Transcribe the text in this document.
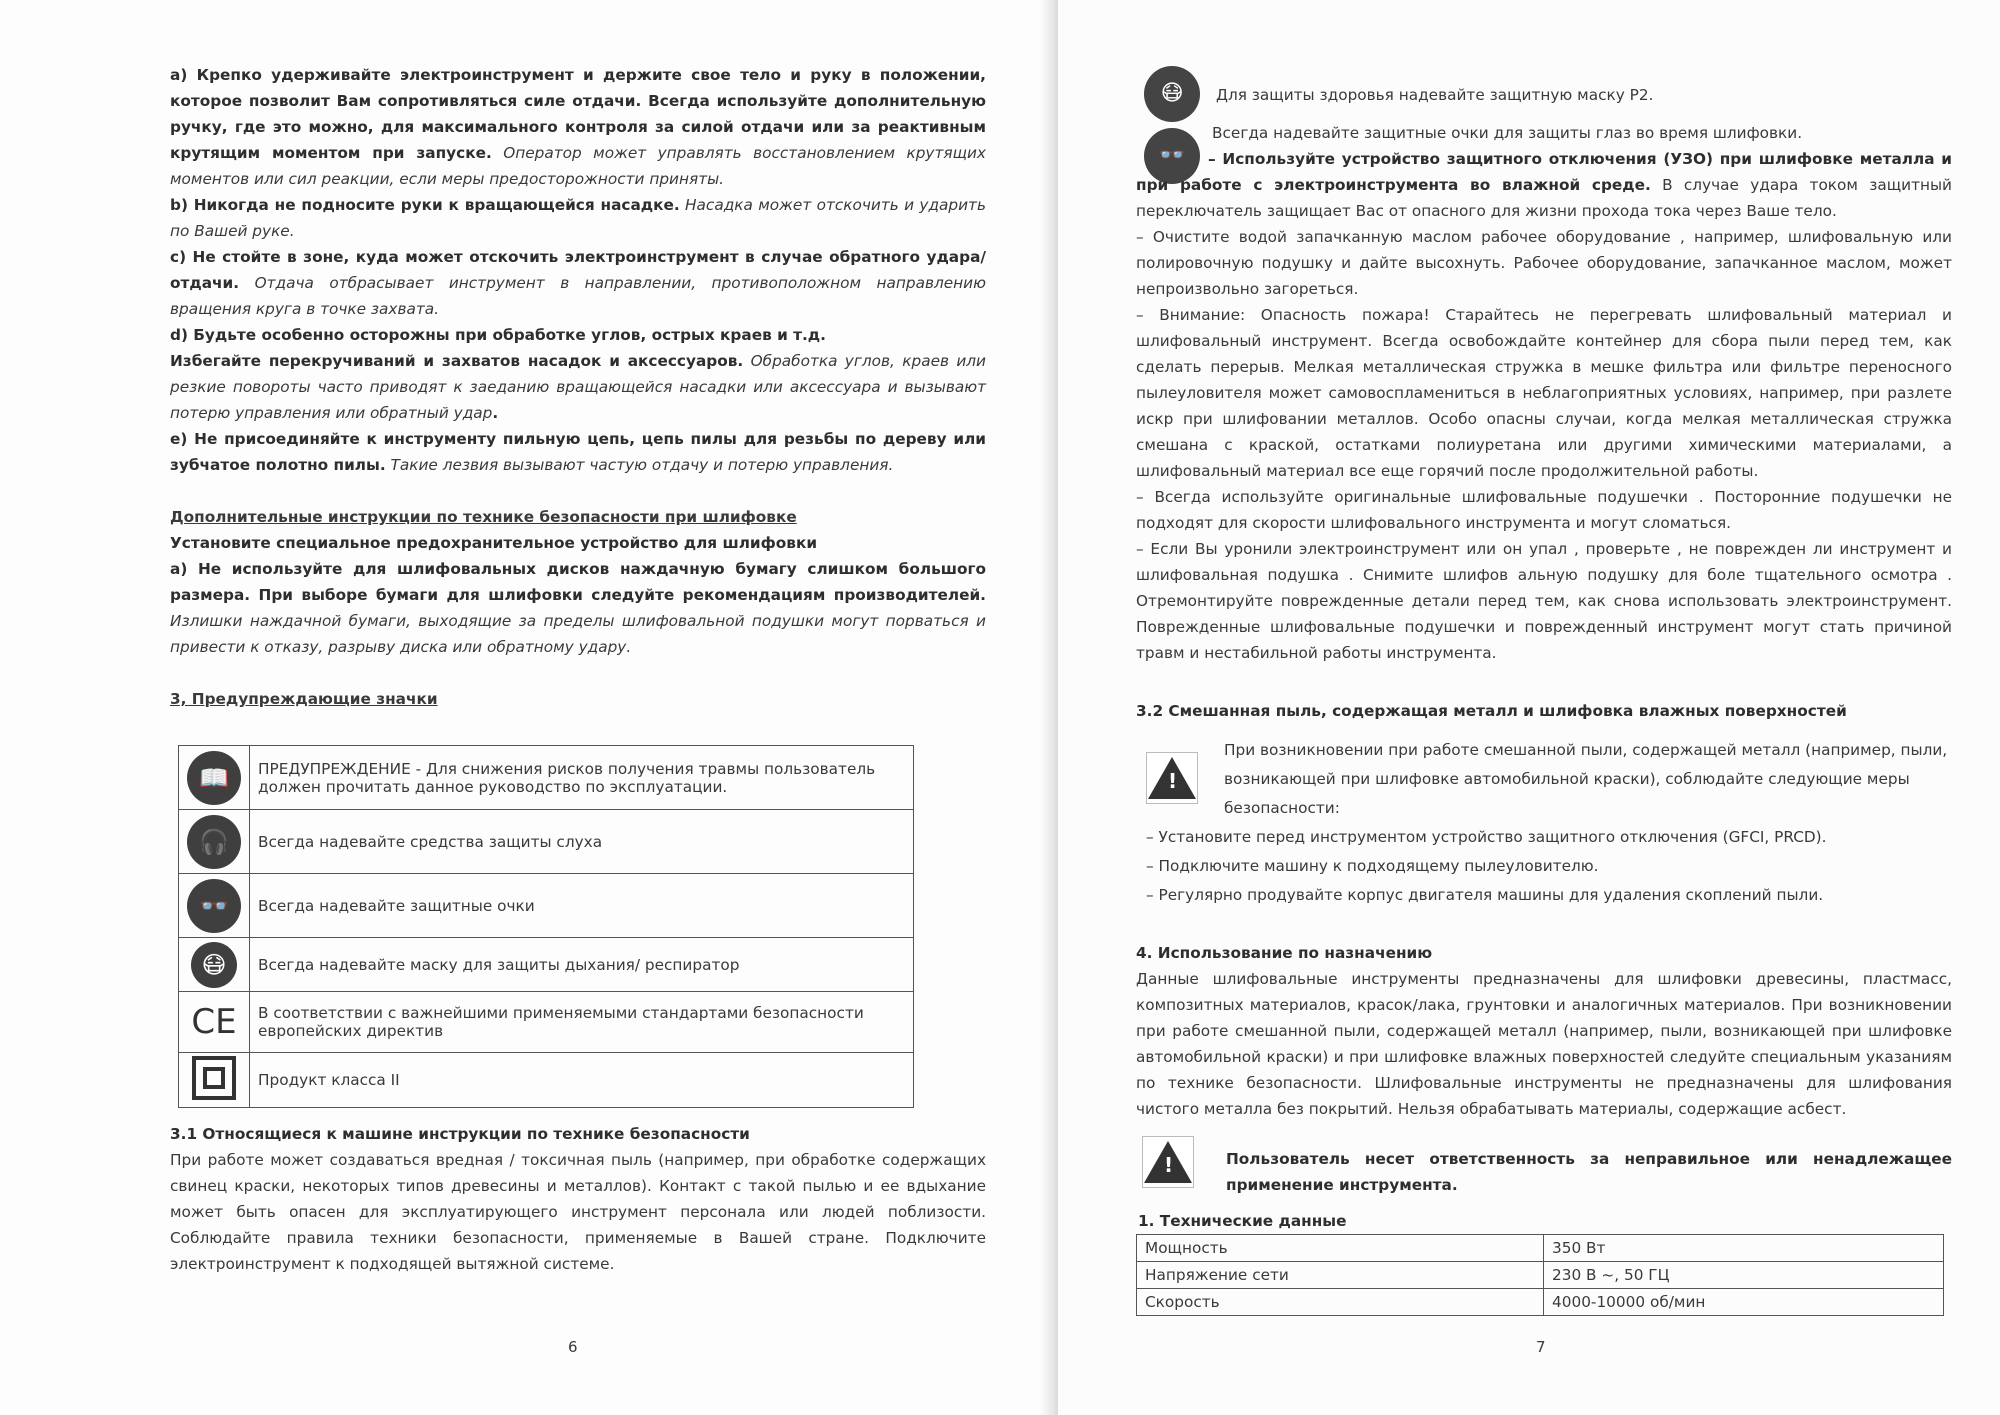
a) Крепко удерживайте электроинструмент и держите свое тело и руку в положении, которое позволит Вам сопротивляться силе отдачи. Всегда используйте дополнительную ручку, где это можно, для максимального контроля за силой отдачи или за реактивным крутящим моментом при запуске. Оператор может управлять восстановлением крутящих моментов или сил реакции, если меры предосторожности приняты.

b) Никогда не подносите руки к вращающейся насадке. Насадка может отскочить и ударить по Вашей руке.

c) Не стойте в зоне, куда может отскочить электроинструмент в случае обратного удара/ отдачи. Отдача отбрасывает инструмент в направлении, противоположном направлению вращения круга в точке захвата.

d) Будьте особенно осторожны при обработке углов, острых краев и т.д.

Избегайте перекручиваний и захватов насадок и аксессуаров. Обработка углов, краев или резкие повороты часто приводят к заеданию вращающейся насадки или аксессуара и вызывают потерю управления или обратный удар.

e) Не присоединяйте к инструменту пильную цепь, цепь пилы для резьбы по дереву или зубчатое полотно пилы. Такие лезвия вызывают частую отдачу и потерю управления.

Дополнительные инструкции по технике безопасности при шлифовке

Установите специальное предохранительное устройство для шлифовки

a) Не используйте для шлифовальных дисков наждачную бумагу слишком большого размера. При выборе бумаги для шлифовки следуйте рекомендациям производителей. Излишки наждачной бумаги, выходящие за пределы шлифовальной подушки могут порваться и привести к отказу, разрыву диска или обратному удару.

3, Предупреждающие значки

📖	ПРЕДУПРЕЖДЕНИЕ - Для снижения рисков получения травмы пользователь должен прочитать данное руководство по эксплуатации.
🎧	Всегда надевайте средства защиты слуха
👓	Всегда надевайте защитные очки
😷	Всегда надевайте маску для защиты дыхания/ респиратор
CE	В соответствии с важнейшими применяемыми стандартами безопасности европейских директив

	Продукт класса II

3.1 Относящиеся к машине инструкции по технике безопасности

При работе может создаваться вредная / токсичная пыль (например, при обработке содержащих свинец краски, некоторых типов древесины и металлов). Контакт с такой пылью и ее вдыхание может быть опасен для эксплуатирующего инструмент персонала или людей поблизости. Соблюдайте правила техники безопасности, применяемые в Вашей стране. Подключите электроинструмент к подходящей вытяжной системе.

6
😷
👓

Для защиты здоровья надевайте защитную маску Р2.

Всегда надевайте защитные очки для защиты глаз во время шлифовки.

– Используйте устройство защитного отключения (УЗО) при шлифовке металла и при работе с электроинструмента во влажной среде. В случае удара током защитный переключатель защищает Вас от опасного для жизни прохода тока через Ваше тело.

– Очистите водой запачканную маслом рабочее оборудование , например, шлифовальную или полировочную подушку и дайте высохнуть. Рабочее оборудование, запачканное маслом, может непроизвольно загореться.

– Внимание: Опасность пожара! Старайтесь не перегревать шлифовальный материал и шлифовальный инструмент. Всегда освобождайте контейнер для сбора пыли перед тем, как сделать перерыв. Мелкая металлическая стружка в мешке фильтра или фильтре переносного пылеуловителя может самовоспламениться в неблагоприятных условиях, например, при разлете искр при шлифовании металлов. Особо опасны случаи, когда мелкая металлическая стружка смешана с краской, остатками полиуретана или другими химическими материалами, а шлифовальный материал все еще горячий после продолжительной работы.

– Всегда используйте оригинальные шлифовальные подушечки . Посторонние подушечки не подходят для скорости шлифовального инструмента и могут сломаться.

– Если Вы уронили электроинструмент или он упал , проверьте , не поврежден ли инструмент и шлифовальная подушка . Снимите шлифов альную подушку для боле тщательного осмотра . Отремонтируйте поврежденные детали перед тем, как снова использовать электроинструмент. Поврежденные шлифовальные подушечки и поврежденный инструмент могут стать причиной травм и нестабильной работы инструмента.

3.2 Смешанная пыль, содержащая металл и шлифовка влажных поверхностей

!

При возникновении при работе смешанной пыли, содержащей металл (например, пыли, возникающей при шлифовке автомобильной краски), соблюдайте следующие меры безопасности:

– Установите перед инструментом устройство защитного отключения (GFCI, PRCD).

– Подключите машину к подходящему пылеуловителю.

– Регулярно продувайте корпус двигателя машины для удаления скоплений пыли.

4. Использование по назначению

Данные шлифовальные инструменты предназначены для шлифовки древесины, пластмасс, композитных материалов, красок/лака, грунтовки и аналогичных материалов. При возникновении при работе смешанной пыли, содержащей металл (например, пыли, возникающей при шлифовке автомобильной краски) и при шлифовке влажных поверхностей следуйте специальным указаниям по технике безопасности. Шлифовальные инструменты не предназначены для шлифования чистого металла без покрытий. Нельзя обрабатывать материалы, содержащие асбест.

!

Пользователь несет ответственность за неправильное или ненадлежащее применение инструмента.

1. Технические данные

Мощность	350 Вт
Напряжение сети	230 В ~, 50 ГЦ
Скорость	4000-10000 об/мин
7
